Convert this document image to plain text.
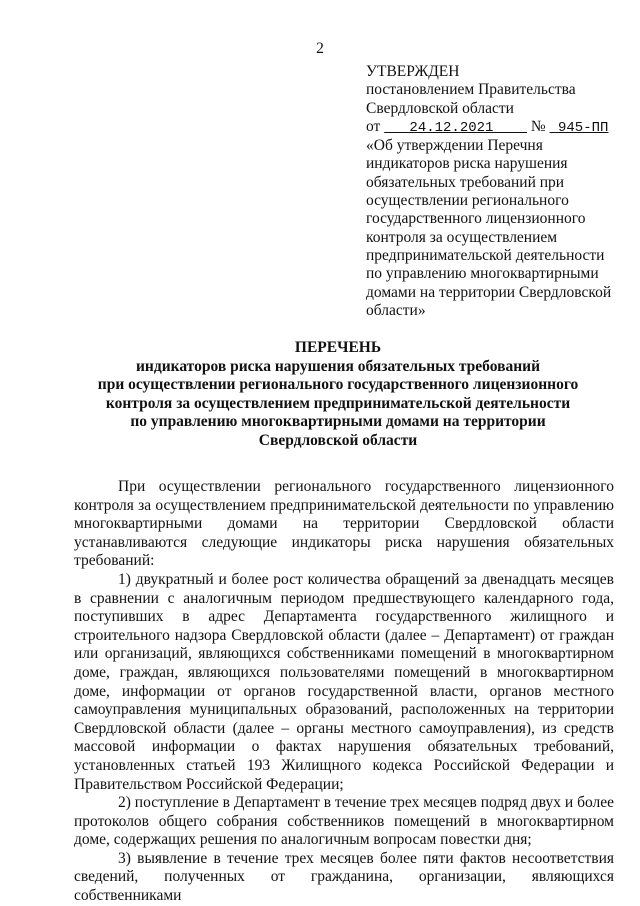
2
УТВЕРЖДЕН
постановлением Правительства
Свердловской области
от 24.12.2021 № 945-ПП
«Об утверждении Перечня индикаторов риска нарушения обязательных требований при осуществлении регионального государственного лицензионного контроля за осуществлением предпринимательской деятельности по управлению многоквартирными домами на территории Свердловской области»
ПЕРЕЧЕНЬ
индикаторов риска нарушения обязательных требований
при осуществлении регионального государственного лицензионного
контроля за осуществлением предпринимательской деятельности
по управлению многоквартирными домами на территории
Свердловской области

При осуществлении регионального государственного лицензионного контроля за осуществлением предпринимательской деятельности по управлению многоквартирными домами на территории Свердловской области устанавливаются следующие индикаторы риска нарушения обязательных требований:

1) двукратный и более рост количества обращений за двенадцать месяцев в сравнении с аналогичным периодом предшествующего календарного года, поступивших в адрес Департамента государственного жилищного и строительного надзора Свердловской области (далее – Департамент) от граждан или организаций, являющихся собственниками помещений в многоквартирном доме, граждан, являющихся пользователями помещений в многоквартирном доме, информации от органов государственной власти, органов местного самоуправления муниципальных образований, расположенных на территории Свердловской области (далее – органы местного самоуправления), из средств массовой информации о фактах нарушения обязательных требований, установленных статьей 193 Жилищного кодекса Российской Федерации и Правительством Российской Федерации;

2) поступление в Департамент в течение трех месяцев подряд двух и более протоколов общего собрания собственников помещений в многоквартирном доме, содержащих решения по аналогичным вопросам повестки дня;

3) выявление в течение трех месяцев более пяти фактов несоответствия сведений, полученных от гражданина, организации, являющихся собственниками
